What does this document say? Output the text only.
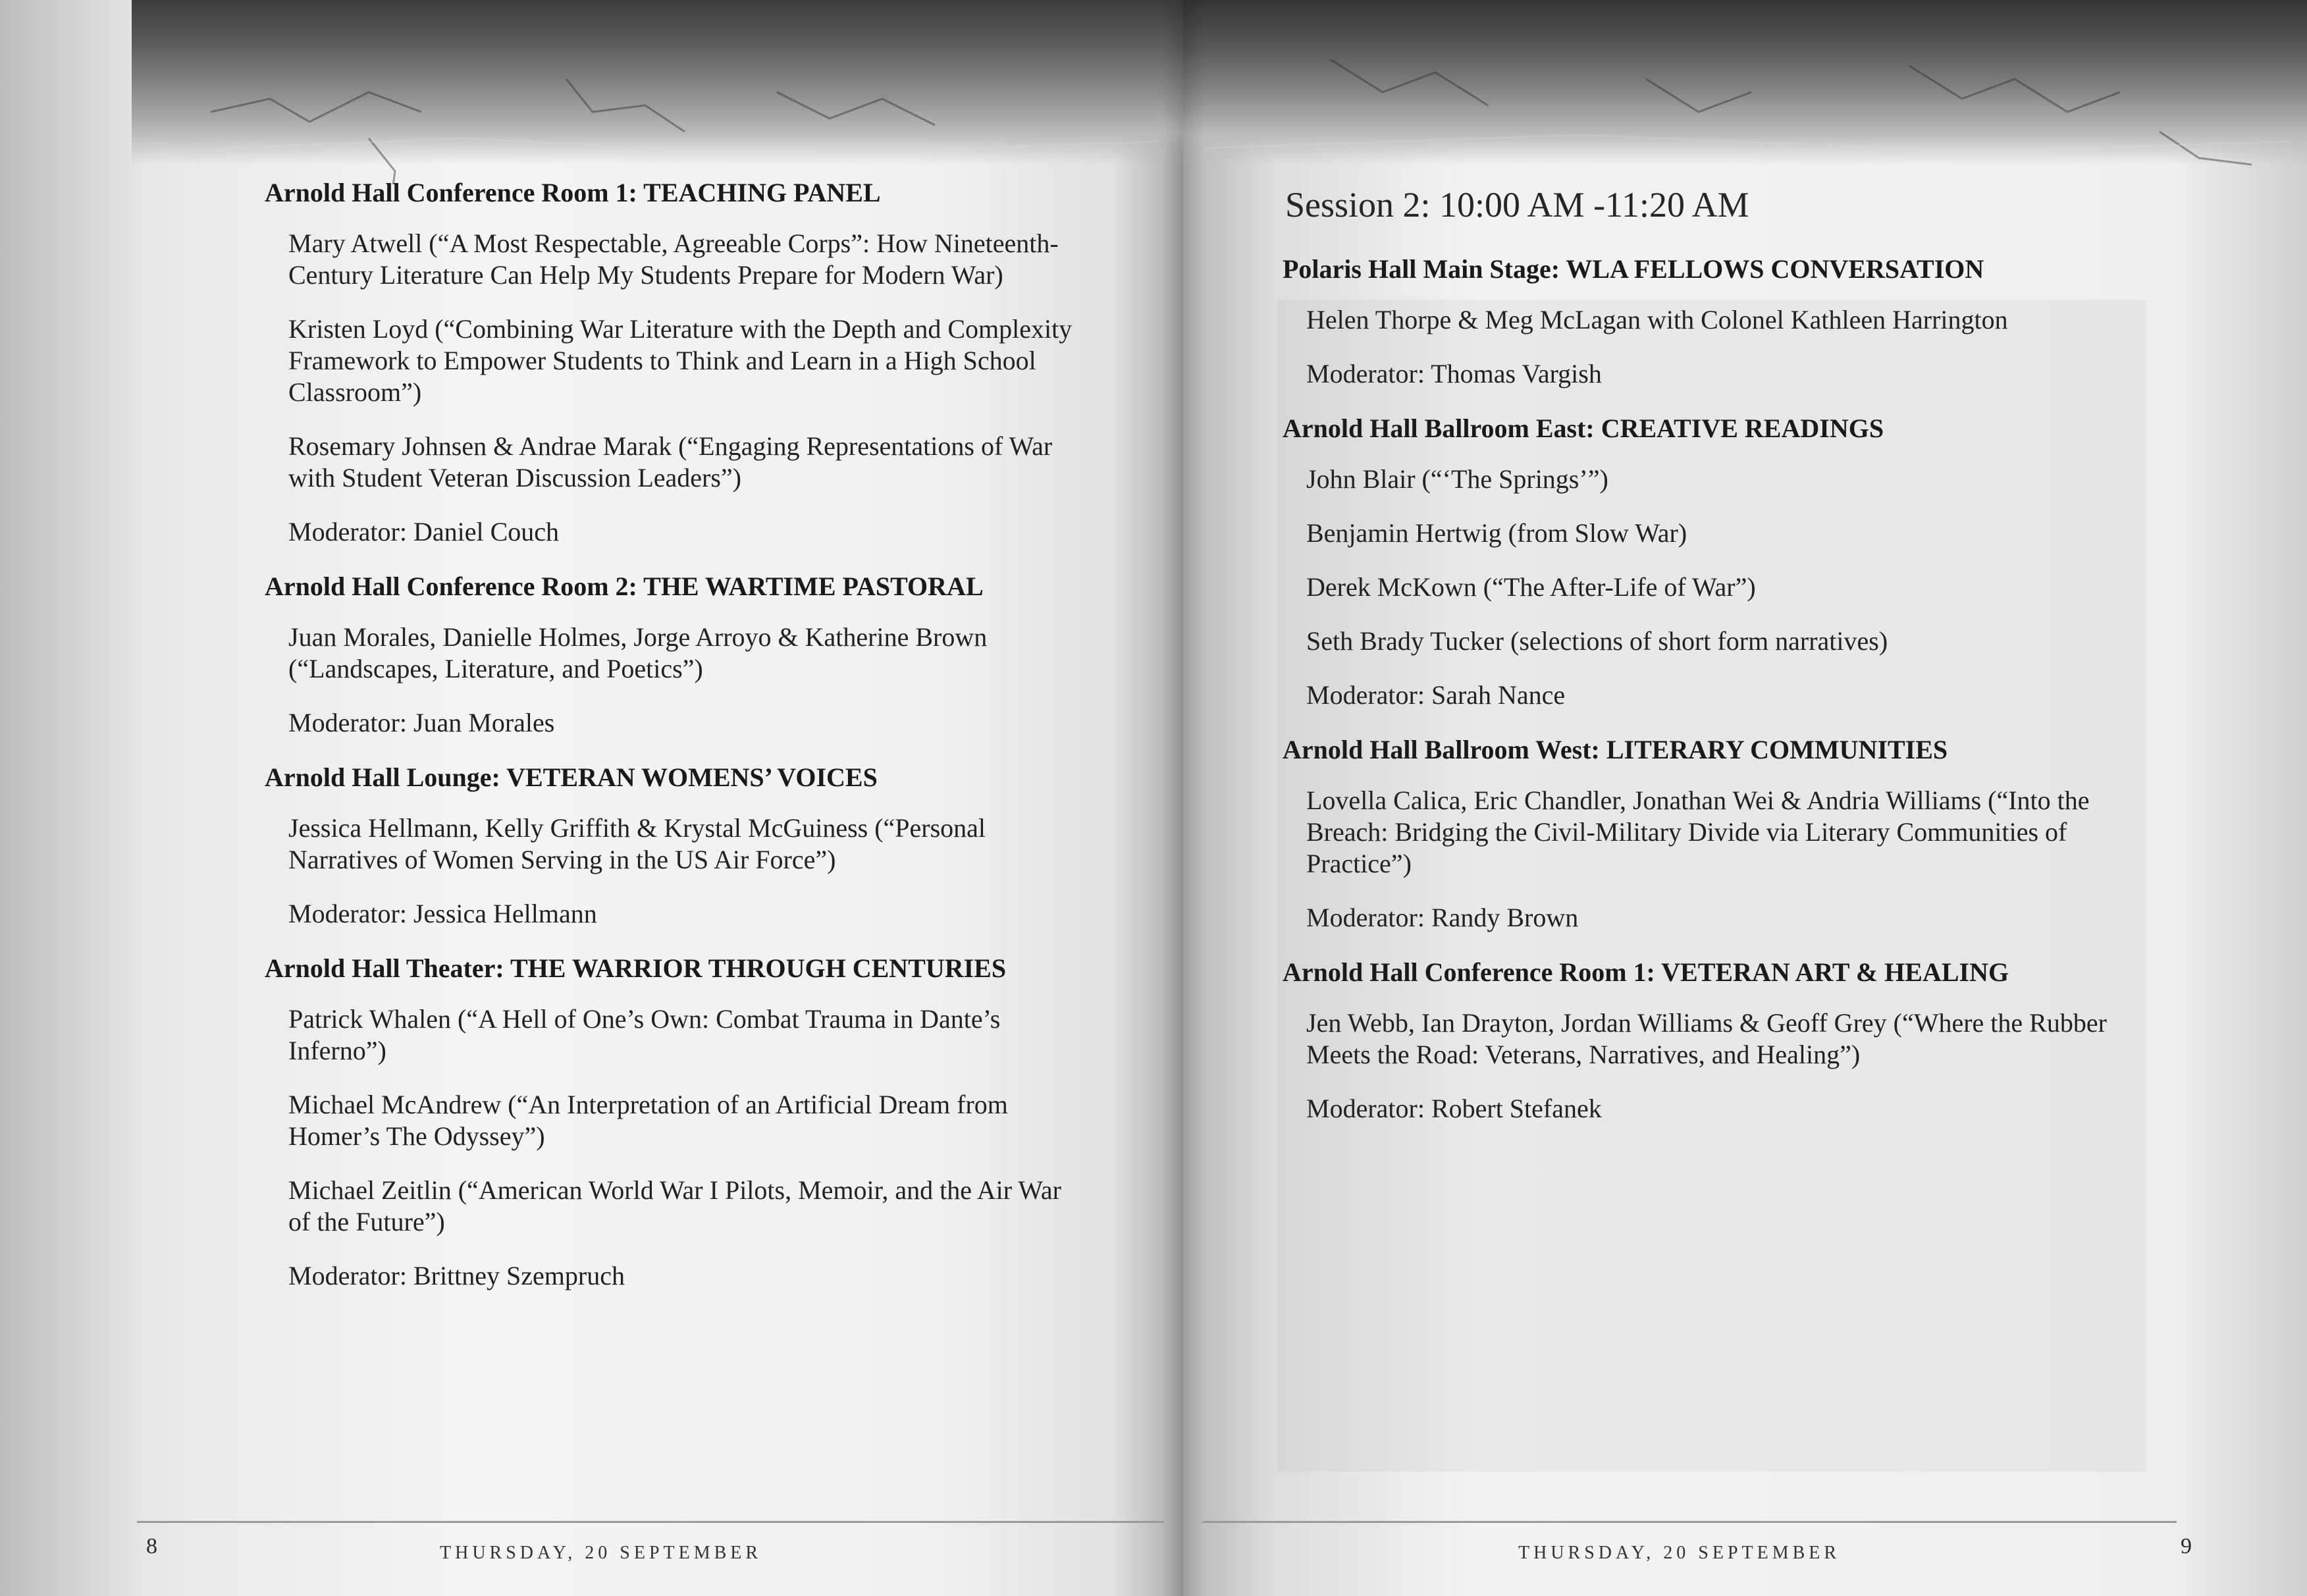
Arnold Hall Conference Room 1: TEACHING PANEL
Mary Atwell (“A Most Respectable, Agreeable Corps”: How Nineteenth-Century Literature Can Help My Students Prepare for Modern War)
Kristen Loyd (“Combining War Literature with the Depth and Complexity Framework to Empower Students to Think and Learn in a High School Classroom”)
Rosemary Johnsen & Andrae Marak (“Engaging Representations of War with Student Veteran Discussion Leaders”)
Moderator: Daniel Couch
Arnold Hall Conference Room 2: THE WARTIME PASTORAL
Juan Morales, Danielle Holmes, Jorge Arroyo & Katherine Brown (“Landscapes, Literature, and Poetics”)
Moderator: Juan Morales
Arnold Hall Lounge: VETERAN WOMENS’ VOICES
Jessica Hellmann, Kelly Griffith & Krystal McGuiness (“Personal Narratives of Women Serving in the US Air Force”)
Moderator: Jessica Hellmann
Arnold Hall Theater: THE WARRIOR THROUGH CENTURIES
Patrick Whalen (“A Hell of One’s Own: Combat Trauma in Dante’s Inferno”)
Michael McAndrew (“An Interpretation of an Artificial Dream from Homer’s The Odyssey”)
Michael Zeitlin (“American World War I Pilots, Memoir, and the Air War of the Future”)
Moderator: Brittney Szempruch
Session 2: 10:00 AM -11:20 AM
Polaris Hall Main Stage: WLA FELLOWS CONVERSATION
Helen Thorpe & Meg McLagan with Colonel Kathleen Harrington
Moderator: Thomas Vargish
Arnold Hall Ballroom East: CREATIVE READINGS
John Blair (“‘The Springs’”)
Benjamin Hertwig (from Slow War)
Derek McKown (“The After-Life of War”)
Seth Brady Tucker (selections of short form narratives)
Moderator: Sarah Nance
Arnold Hall Ballroom West: LITERARY COMMUNITIES
Lovella Calica, Eric Chandler, Jonathan Wei & Andria Williams (“Into the Breach: Bridging the Civil-Military Divide via Literary Communities of Practice”)
Moderator: Randy Brown
Arnold Hall Conference Room 1: VETERAN ART & HEALING
Jen Webb, Ian Drayton, Jordan Williams & Geoff Grey (“Where the Rubber Meets the Road: Veterans, Narratives, and Healing”)
Moderator: Robert Stefanek
8	THURSDAY, 20 SEPTEMBER	THURSDAY, 20 SEPTEMBER	9
